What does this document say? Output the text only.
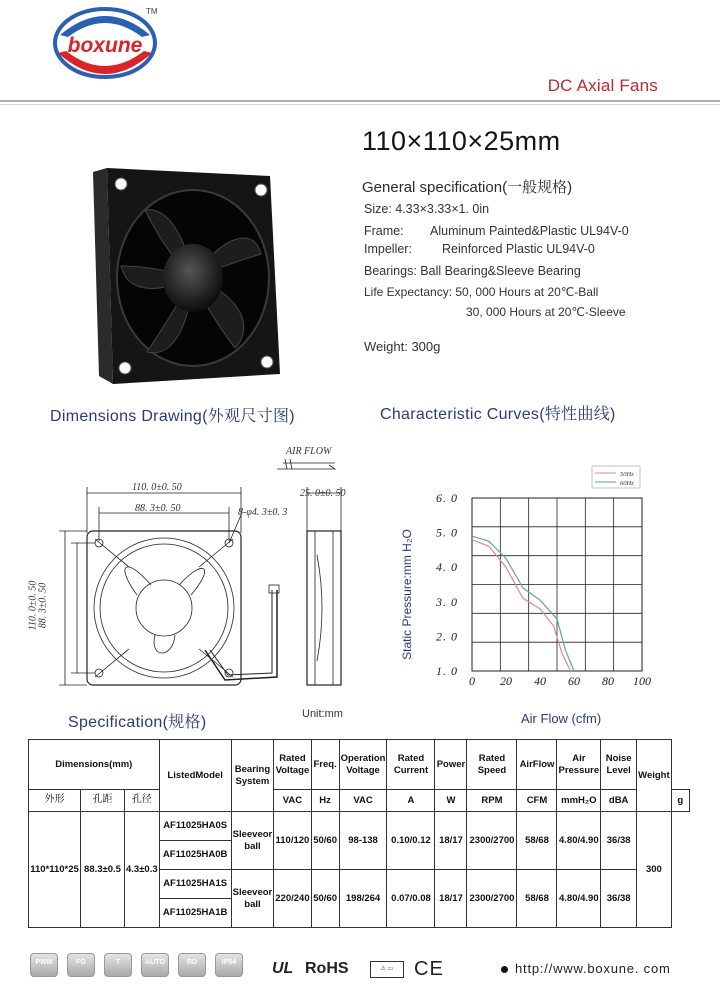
boxune
TM
DC Axial Fans
110×110×25mm
General specification(一般规格)
Size: 4.33×3.33×1. 0in
Frame: Aluminum Painted&Plastic UL94V-0
Impeller: Reinforced Plastic UL94V-0
Bearings: Ball Bearing&Sleeve Bearing
Life Expectancy: 50, 000 Hours at 20℃-Ball
30, 000 Hours at 20℃-Sleeve
Weight: 300g
Dimensions Drawing(外观尺寸图)	Characteristic Curves(特性曲线)
AIR FLOW
110. 0±0. 50
88. 3±0. 50
25. 0±0. 50
8-φ4. 3±0. 3
110. 0±0. 50
88. 3±0. 50
0 20 40 60 80 100
1. 0
2. 0
3. 0
4. 0
5. 0
6. 0
Static Pressure:mm H₂O
50Hz
60Hz
Unit:mm
Specification(规格)	Air Flow (cfm)
Dimensions(mm)			ListedModel	Bearing System	Rated Voltage	Freq.	Operation Voltage	Rated Current	Power	Rated Speed	AirFlow	Air Pressure	Noise Level	Weight	
外形	孔距	孔径			VAC	Hz	VAC	A	W	RPM	CFM	mmH₂O	dBA		g
110*110*25	88.3±0.5	4.3±0.3	AF11025HA0S	Sleeveor ball	110/120	50/60	98-138	0.10/0.12	18/17	2300/2700	58/68	4.80/4.90	36/38	300	
			AF11025HA0B												
			AF11025HA1S	Sleeveor ball	220/240	50/60	198/264	0.07/0.08	18/17	2300/2700	58/68	4.80/4.90	36/38		
			AF11025HA1B												
PWM	FG	T	AUTO	RD	IP54	UL RoHS	⚠ ▭	CE	http://www.boxune. com
